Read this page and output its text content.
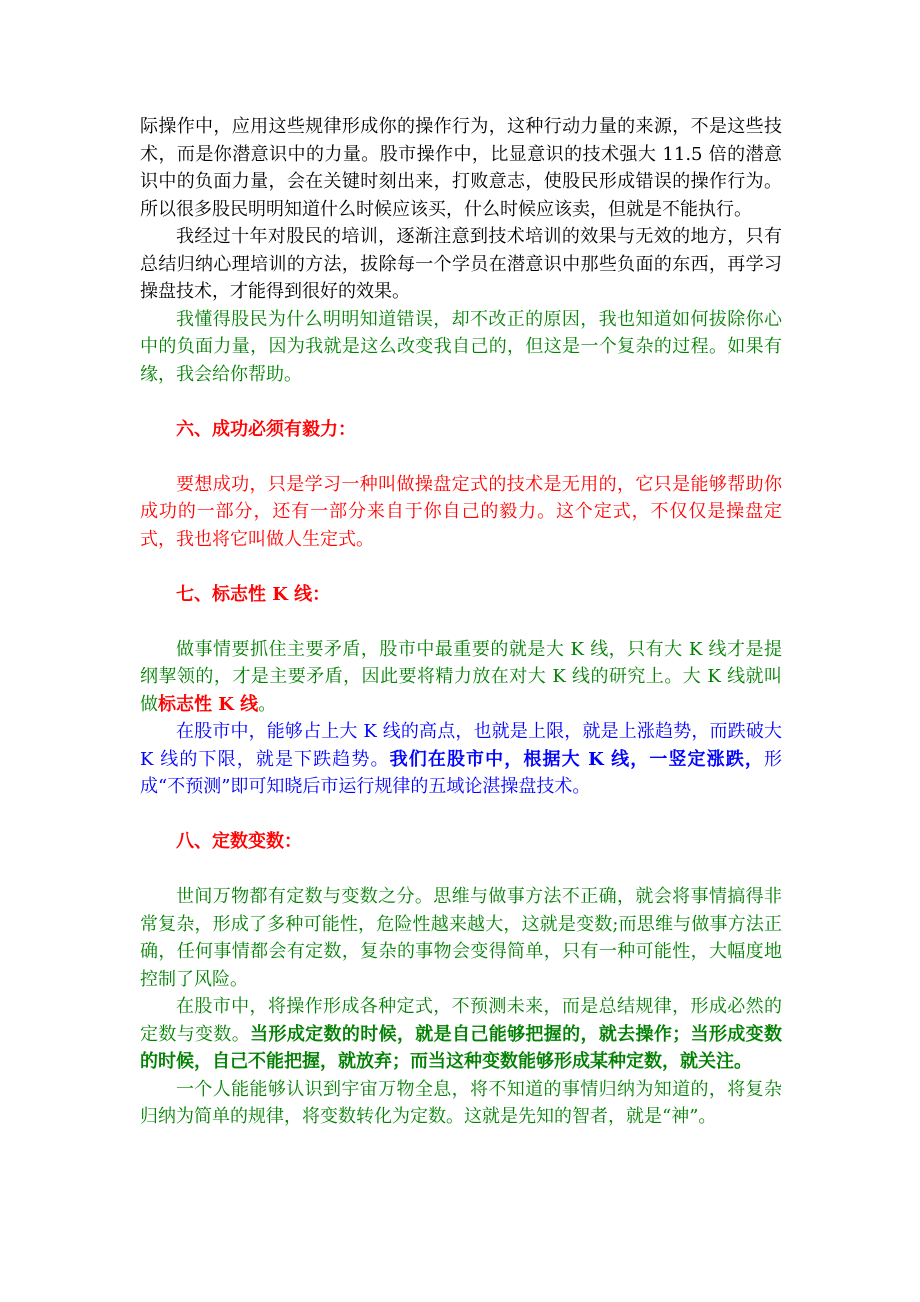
际操作中，应用这些规律形成你的操作行为，这种行动力量的来源，不是这些技术，而是你潜意识中的力量。股市操作中，比显意识的技术强大 11.5 倍的潜意识中的负面力量，会在关键时刻出来，打败意志，使股民形成错误的操作行为。所以很多股民明明知道什么时候应该买，什么时候应该卖，但就是不能执行。

我经过十年对股民的培训，逐渐注意到技术培训的效果与无效的地方，只有总结归纳心理培训的方法，拔除每一个学员在潜意识中那些负面的东西，再学习操盘技术，才能得到很好的效果。

我懂得股民为什么明明知道错误，却不改正的原因，我也知道如何拔除你心中的负面力量，因为我就是这么改变我自己的，但这是一个复杂的过程。如果有缘，我会给你帮助。

六、成功必须有毅力：

要想成功，只是学习一种叫做操盘定式的技术是无用的，它只是能够帮助你成功的一部分，还有一部分来自于你自己的毅力。这个定式，不仅仅是操盘定式，我也将它叫做人生定式。

七、标志性 K 线：

做事情要抓住主要矛盾，股市中最重要的就是大 K 线，只有大 K 线才是提纲挈领的，才是主要矛盾，因此要将精力放在对大 K 线的研究上。大 K 线就叫做标志性 K 线。

在股市中，能够占上大 K 线的高点，也就是上限，就是上涨趋势，而跌破大 K 线的下限，就是下跌趋势。我们在股市中，根据大 K 线，一竖定涨跌，形成“不预测”即可知晓后市运行规律的五域论湛操盘技术。

八、定数变数：

世间万物都有定数与变数之分。思维与做事方法不正确，就会将事情搞得非常复杂，形成了多种可能性，危险性越来越大，这就是变数;而思维与做事方法正确，任何事情都会有定数，复杂的事物会变得简单，只有一种可能性，大幅度地控制了风险。

在股市中，将操作形成各种定式，不预测未来，而是总结规律，形成必然的定数与变数。当形成定数的时候，就是自己能够把握的，就去操作；当形成变数的时候，自己不能把握，就放弃；而当这种变数能够形成某种定数，就关注。

一个人能能够认识到宇宙万物全息，将不知道的事情归纳为知道的，将复杂归纳为简单的规律，将变数转化为定数。这就是先知的智者，就是“神”。
